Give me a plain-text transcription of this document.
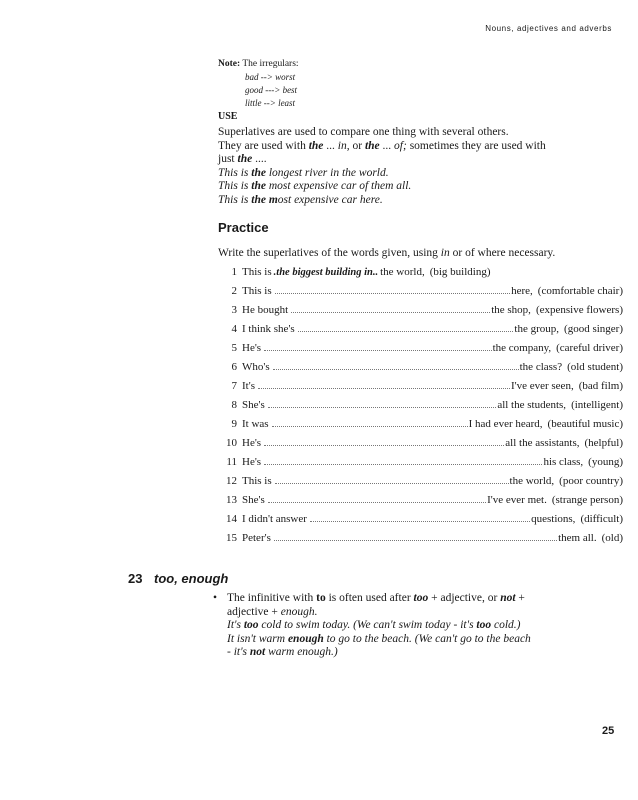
Nouns, adjectives and adverbs
Note: The irregulars:
bad --> worst
good ---> best
little --> least
USE
Superlatives are used to compare one thing with several others.
They are used with the ... in, or the ... of; sometimes they are used with
just the ....
This is the longest river in the world.
This is the most expensive car of them all.
This is the most expensive car here.
Practice
Write the superlatives of the words given, using in or of where necessary.
1 This is .the biggest building in.. the world, (big building)
2 This is	here, (comfortable chair)
3 He bought	the shop, (expensive flowers)
4 I think she's	the group, (good singer)
5 He's	the company, (careful driver)
6 Who's	the class? (old student)
7 It's	I've ever seen, (bad film)
8 She's	all the students, (intelligent)
9 It was	I had ever heard, (beautiful music)
10 He's	all the assistants, (helpful)
11 He's	his class, (young)
12 This is	the world, (poor country)
13 She's	I've ever met. (strange person)
14 I didn't answer	questions, (difficult)
15 Peter's	them all. (old)
23 too, enough
• The infinitive with to is often used after too + adjective, or not +
adjective + enough.
It's too cold to swim today. (We can't swim today - it's too cold.)
It isn't warm enough to go to the beach. (We can't go to the beach
- it's not warm enough.)
25
